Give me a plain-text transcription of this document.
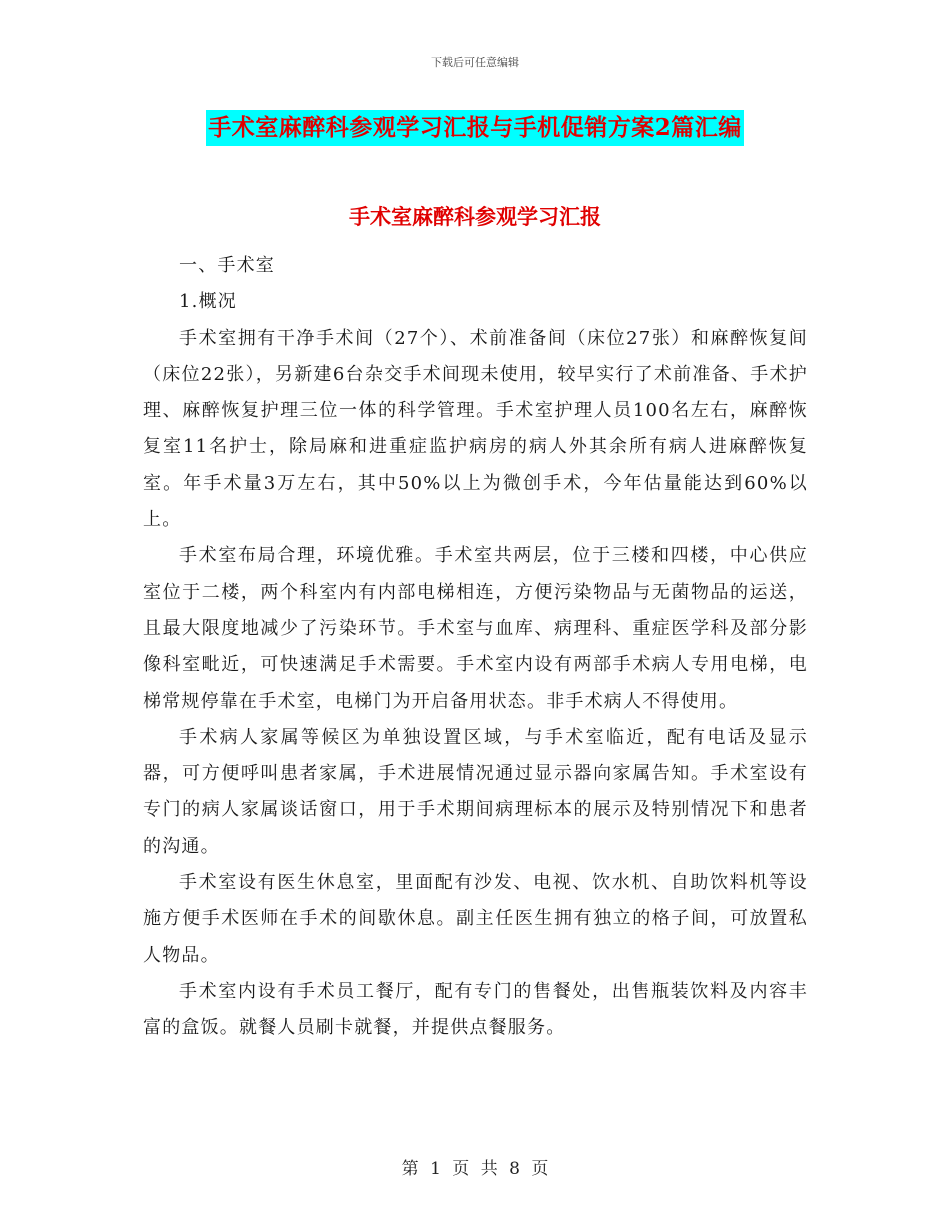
下载后可任意编辑
手术室麻醉科参观学习汇报与手机促销方案2篇汇编
手术室麻醉科参观学习汇报

一、手术室

1.概况

手术室拥有干净手术间（27个）、术前准备间（床位27张）和麻醉恢复间（床位22张），另新建6台杂交手术间现未使用，较早实行了术前准备、手术护理、麻醉恢复护理三位一体的科学管理。手术室护理人员100名左右，麻醉恢复室11名护士，除局麻和进重症监护病房的病人外其余所有病人进麻醉恢复室。年手术量3万左右，其中50%以上为微创手术，今年估量能达到60%以上。

手术室布局合理，环境优雅。手术室共两层，位于三楼和四楼，中心供应室位于二楼，两个科室内有内部电梯相连，方便污染物品与无菌物品的运送，且最大限度地减少了污染环节。手术室与血库、病理科、重症医学科及部分影像科室毗近，可快速满足手术需要。手术室内设有两部手术病人专用电梯，电梯常规停靠在手术室，电梯门为开启备用状态。非手术病人不得使用。

手术病人家属等候区为单独设置区域，与手术室临近，配有电话及显示器，可方便呼叫患者家属，手术进展情况通过显示器向家属告知。手术室设有专门的病人家属谈话窗口，用于手术期间病理标本的展示及特别情况下和患者的沟通。

手术室设有医生休息室，里面配有沙发、电视、饮水机、自助饮料机等设施方便手术医师在手术的间歇休息。副主任医生拥有独立的格子间，可放置私人物品。

手术室内设有手术员工餐厅，配有专门的售餐处，出售瓶装饮料及内容丰富的盒饭。就餐人员刷卡就餐，并提供点餐服务。

第 1 页 共 8 页
